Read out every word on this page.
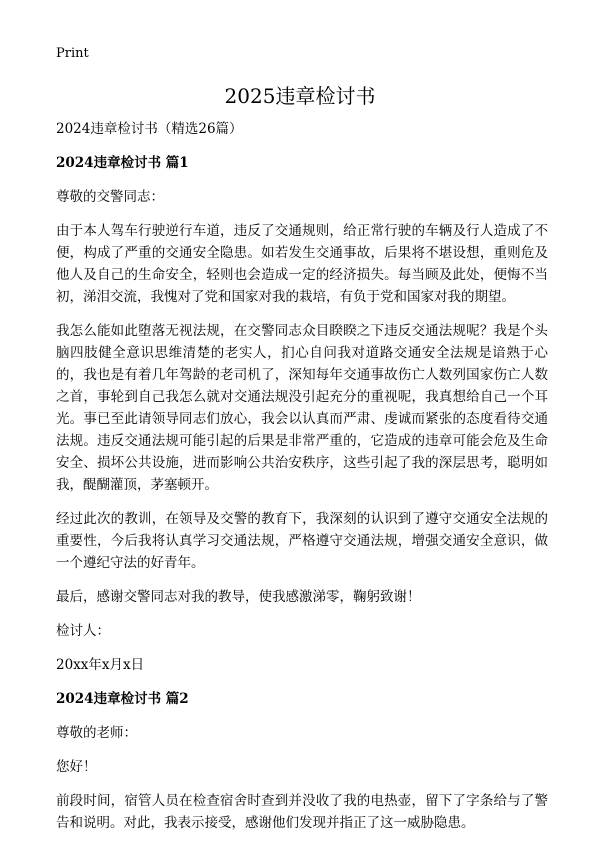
Print
2025违章检讨书

2024违章检讨书（精选26篇）

2024违章检讨书 篇1

尊敬的交警同志：

由于本人驾车行驶逆行车道，违反了交通规则，给正常行驶的车辆及行人造成了不便，构成了严重的交通安全隐患。如若发生交通事故，后果将不堪设想，重则危及他人及自己的生命安全，轻则也会造成一定的经济损失。每当顾及此处，便悔不当初，涕泪交流，我愧对了党和国家对我的栽培，有负于党和国家对我的期望。

我怎么能如此堕落无视法规，在交警同志众目睽睽之下违反交通法规呢？我是个头脑四肢健全意识思维清楚的老实人，扪心自问我对道路交通安全法规是谙熟于心的，我也是有着几年驾龄的老司机了，深知每年交通事故伤亡人数列国家伤亡人数之首，事轮到自己我怎么就对交通法规没引起充分的重视呢，我真想给自己一个耳光。事已至此请领导同志们放心，我会以认真而严肃、虔诚而紧张的态度看待交通法规。违反交通法规可能引起的后果是非常严重的，它造成的违章可能会危及生命安全、损坏公共设施，进而影响公共治安秩序，这些引起了我的深层思考，聪明如我，醍醐灌顶，茅塞顿开。

经过此次的教训，在领导及交警的教育下，我深刻的认识到了遵守交通安全法规的重要性，今后我将认真学习交通法规，严格遵守交通法规，增强交通安全意识，做一个遵纪守法的好青年。

最后，感谢交警同志对我的教导，使我感激涕零，鞠躬致谢！

检讨人：

20xx年x月x日

2024违章检讨书 篇2

尊敬的老师：

您好！

前段时间，宿管人员在检查宿舍时查到并没收了我的电热壶，留下了字条给与了警告和说明。对此，我表示接受，感谢他们发现并指正了这一威胁隐患。
